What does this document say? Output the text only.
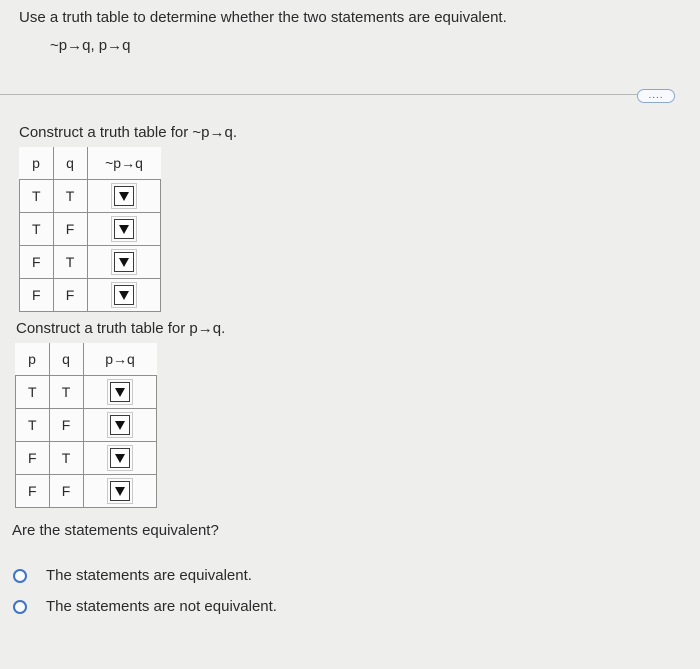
Use a truth table to determine whether the two statements are equivalent.
~p→q, p→q
....
Construct a truth table for ~p→q.
p	q	~p→q
T	T	

T	F	

F	T	

F	F	
Construct a truth table for p→q.
p	q	p→q
T	T	

T	F	

F	T	

F	F	
Are the statements equivalent?
The statements are equivalent.
The statements are not equivalent.
